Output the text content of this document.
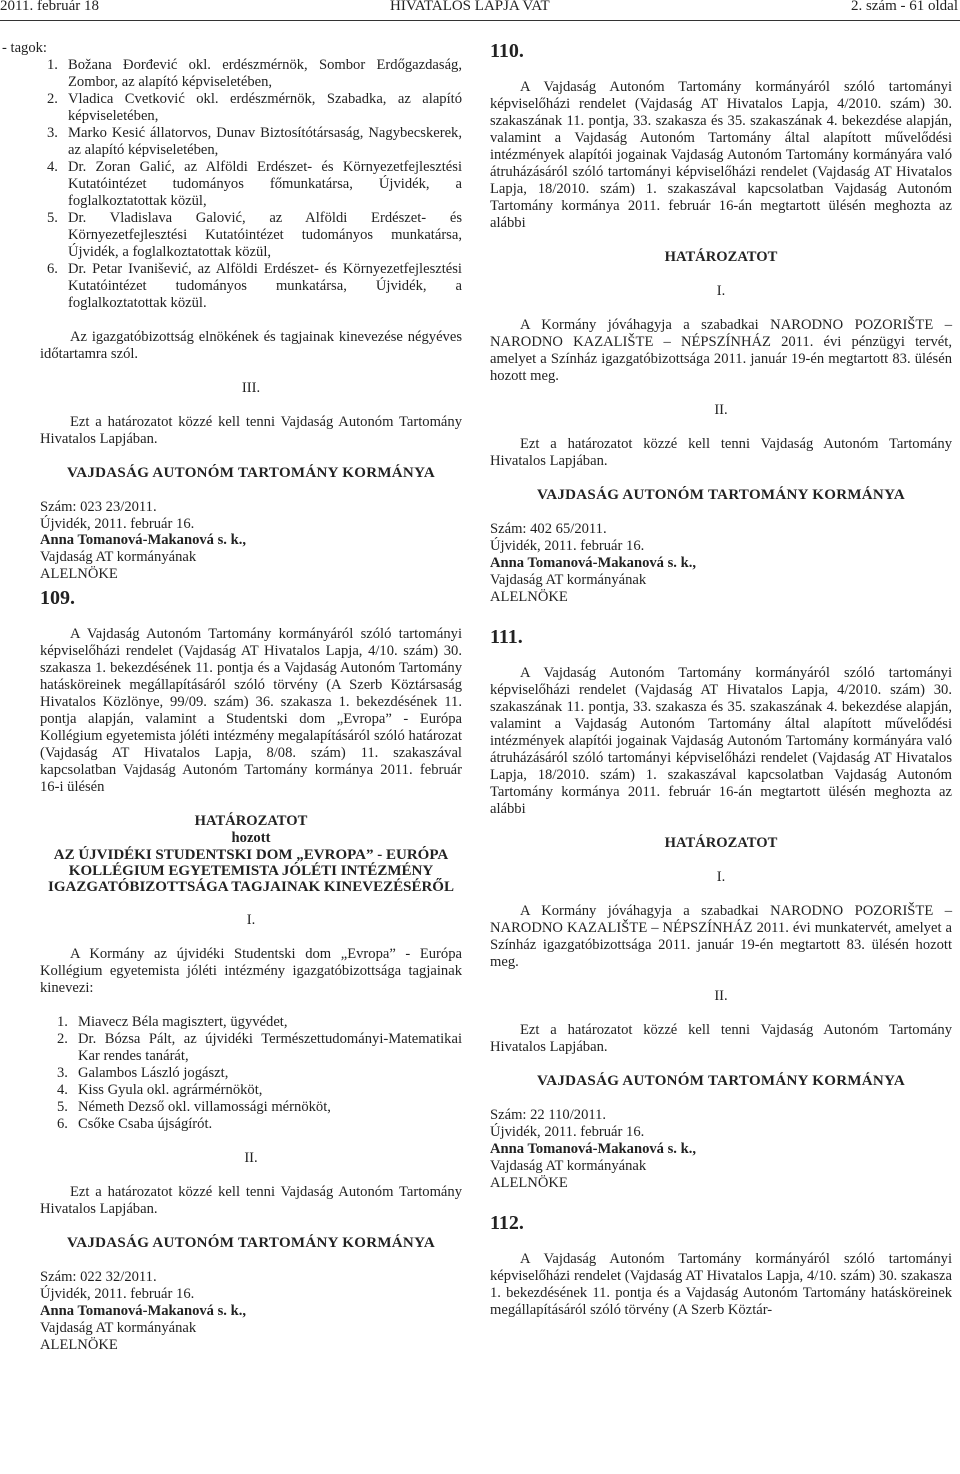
2011. február 18	HIVATALOS LAPJA VAT	2. szám - 61 oldal

- tagok:

1. Božana Đorđević okl. erdészmérnök, Sombor Erdőgazdaság, Zombor, az alapító képviseletében,
2. Vladica Cvetković okl. erdészmérnök, Szabadka, az alapító képviseletében,
3. Marko Kesić állatorvos, Dunav Biztosítótársaság, Nagybecskerek, az alapító képviseletében,
4. Dr. Zoran Galić, az Alföldi Erdészet- és Környezetfejlesztési Kutatóintézet tudományos főmunkatársa, Újvidék, a foglalkoztatottak közül,
5. Dr. Vladislava Galović, az Alföldi Erdészet- és Környezetfejlesztési Kutatóintézet tudományos munkatársa, Újvidék, a foglalkoztatottak közül,
6. Dr. Petar Ivanišević, az Alföldi Erdészet- és Környezetfejlesztési Kutatóintézet tudományos munkatársa, Újvidék, a foglalkoztatottak közül.

Az igazgatóbizottság elnökének és tagjainak kinevezése négyéves időtartamra szól.

III.

Ezt a határozatot közzé kell tenni Vajdaság Autonóm Tartomány Hivatalos Lapjában.

VAJDASÁG AUTONÓM TARTOMÁNY KORMÁNYA

Szám: 023 23/2011.

Újvidék, 2011. február 16.

Anna Tomanová-Makanová s. k.,

Vajdaság AT kormányának

ALELNÖKE

109.

A Vajdaság Autonóm Tartomány kormányáról szóló tartományi képviselőházi rendelet (Vajdaság AT Hivatalos Lapja, 4/10. szám) 30. szakasza 1. bekezdésének 11. pontja és a Vajdaság Autonóm Tartomány hatásköreinek megállapításáról szóló törvény (A Szerb Köztársaság Hivatalos Közlönye, 99/09. szám) 36. szakasza 1. bekezdésének 11. pontja alapján, valamint a Studentski dom „Evropa” - Európa Kollégium egyetemista jóléti intézmény megalapításáról szóló határozat (Vajdaság AT Hivatalos Lapja, 8/08. szám) 11. szakaszával kapcsolatban Vajdaság Autonóm Tartomány kormánya 2011. február 16-i ülésén

HATÁROZATOT

hozott

AZ ÚJVIDÉKI STUDENTSKI DOM „EVROPA” - EURÓPA
KOLLÉGIUM EGYETEMISTA JÓLÉTI INTÉZMÉNY
IGAZGATÓBIZOTTSÁGA TAGJAINAK KINEVEZÉSÉRŐL

I.

A Kormány az újvidéki Studentski dom „Evropa” - Európa Kollégium egyetemista jóléti intézmény igazgatóbizottsága tagjainak kinevezi:

1. Miavecz Béla magisztert, ügyvédet,
2. Dr. Bózsa Pált, az újvidéki Természettudományi-Matematikai Kar rendes tanárát,
3. Galambos László jogászt,
4. Kiss Gyula okl. agrármérnököt,
5. Németh Dezső okl. villamossági mérnököt,
6. Csőke Csaba újságírót.

II.

Ezt a határozatot közzé kell tenni Vajdaság Autonóm Tartomány Hivatalos Lapjában.

VAJDASÁG AUTONÓM TARTOMÁNY KORMÁNYA

Szám: 022 32/2011.

Újvidék, 2011. február 16.

Anna Tomanová-Makanová s. k.,

Vajdaság AT kormányának

ALELNÖKE

110.

A Vajdaság Autonóm Tartomány kormányáról szóló tartományi képviselőházi rendelet (Vajdaság AT Hivatalos Lapja, 4/2010. szám) 30. szakaszának 11. pontja, 33. szakasza és 35. szakaszának 4. bekezdése alapján, valamint a Vajdaság Autonóm Tartomány által alapított művelődési intézmények alapítói jogainak Vajdaság Autonóm Tartomány kormányára való átruházásáról szóló tartományi képviselőházi rendelet (Vajdaság AT Hivatalos Lapja, 18/2010. szám) 1. szakaszával kapcsolatban Vajdaság Autonóm Tartomány kormánya 2011. február 16-án megtartott ülésén meghozta az alábbi

HATÁROZATOT

I.

A Kormány jóváhagyja a szabadkai NARODNO POZORIŠTE – NARODNO KAZALIŠTE – NÉPSZÍNHÁZ 2011. évi pénzügyi tervét, amelyet a Színház igazgatóbizottsága 2011. január 19-én megtartott 83. ülésén hozott meg.

II.

Ezt a határozatot közzé kell tenni Vajdaság Autonóm Tartomány Hivatalos Lapjában.

VAJDASÁG AUTONÓM TARTOMÁNY KORMÁNYA

Szám: 402 65/2011.

Újvidék, 2011. február 16.

Anna Tomanová-Makanová s. k.,

Vajdaság AT kormányának

ALELNÖKE

111.

A Vajdaság Autonóm Tartomány kormányáról szóló tartományi képviselőházi rendelet (Vajdaság AT Hivatalos Lapja, 4/2010. szám) 30. szakaszának 11. pontja, 33. szakasza és 35. szakaszának 4. bekezdése alapján, valamint a Vajdaság Autonóm Tartomány által alapított művelődési intézmények alapítói jogainak Vajdaság Autonóm Tartomány kormányára való átruházásáról szóló tartományi képviselőházi rendelet (Vajdaság AT Hivatalos Lapja, 18/2010. szám) 1. szakaszával kapcsolatban Vajdaság Autonóm Tartomány kormánya 2011. február 16-án megtartott ülésén meghozta az alábbi

HATÁROZATOT

I.

A Kormány jóváhagyja a szabadkai NARODNO POZORIŠTE – NARODNO KAZALIŠTE – NÉPSZÍNHÁZ 2011. évi munkatervét, amelyet a Színház igazgatóbizottsága 2011. január 19-én megtartott 83. ülésén hozott meg.

II.

Ezt a határozatot közzé kell tenni Vajdaság Autonóm Tartomány Hivatalos Lapjában.

VAJDASÁG AUTONÓM TARTOMÁNY KORMÁNYA

Szám: 22 110/2011.

Újvidék, 2011. február 16.

Anna Tomanová-Makanová s. k.,

Vajdaság AT kormányának

ALELNÖKE

112.

A Vajdaság Autonóm Tartomány kormányáról szóló tartományi képviselőházi rendelet (Vajdaság AT Hivatalos Lapja, 4/10. szám) 30. szakasza 1. bekezdésének 11. pontja és a Vajdaság Autonóm Tartomány hatásköreinek megállapításáról szóló törvény (A Szerb Köztár-
